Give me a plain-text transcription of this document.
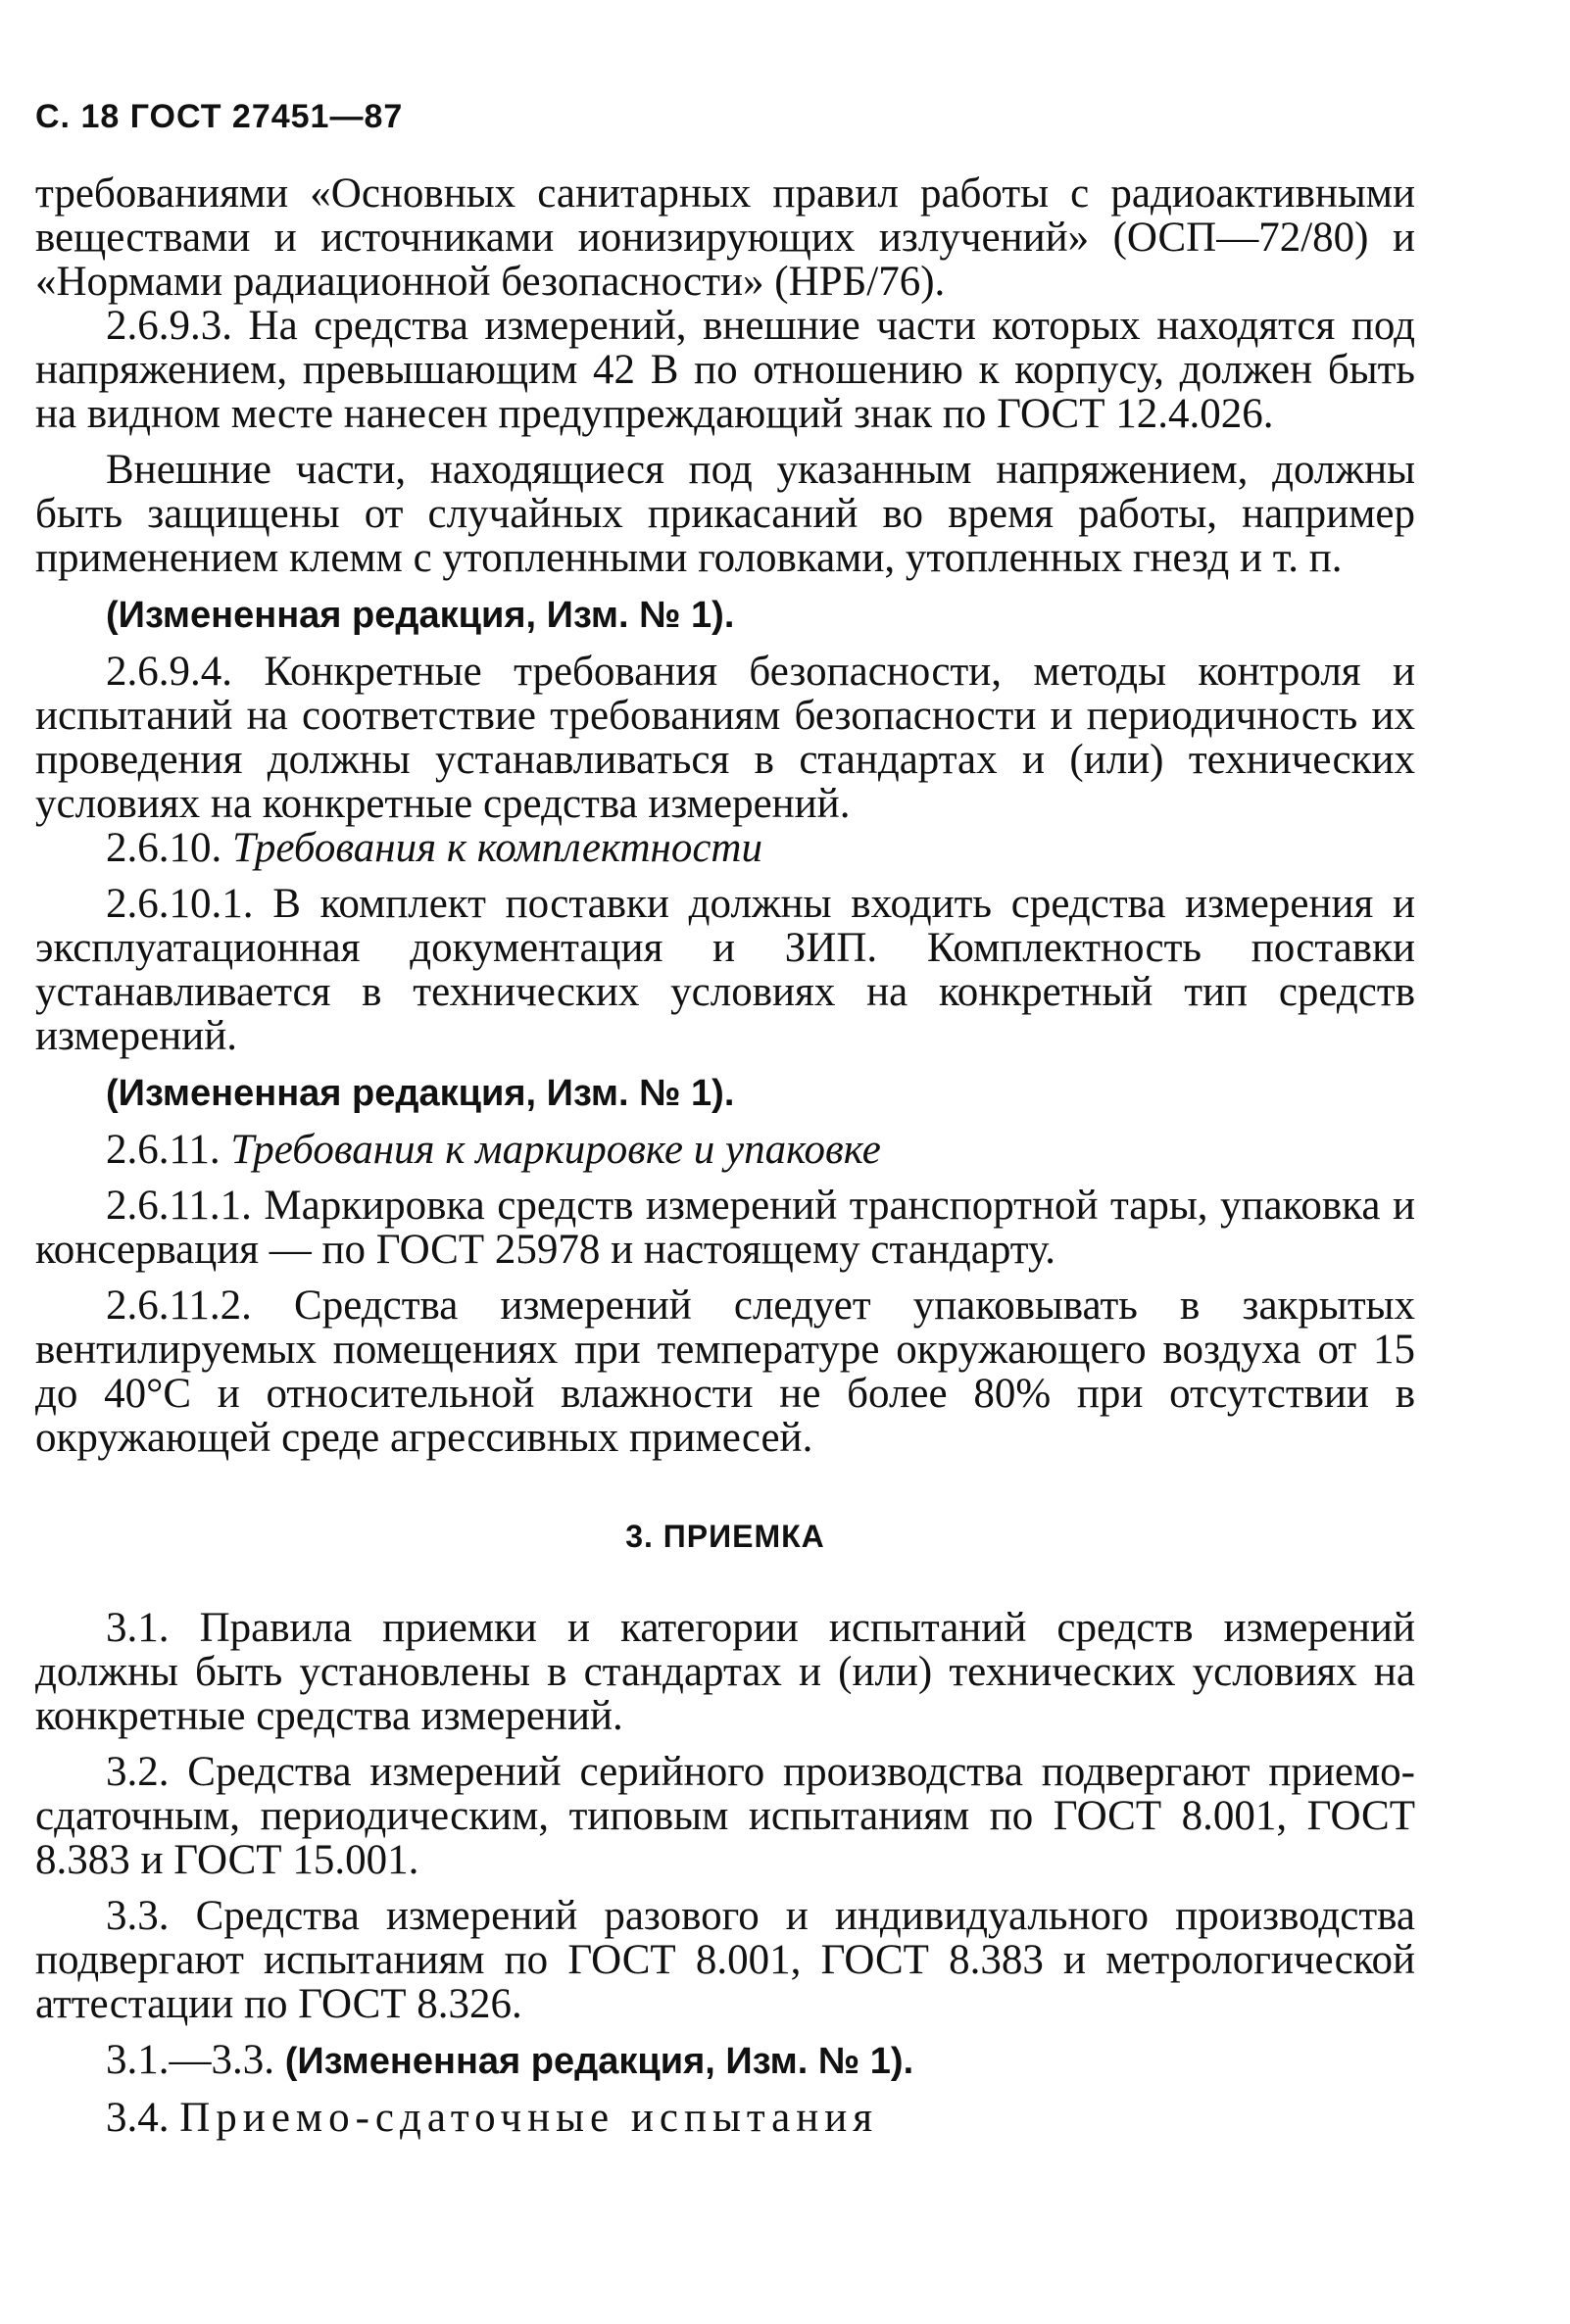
С. 18 ГОСТ 27451—87

требованиями «Основных санитарных правил работы с радиоактивными веществами и источниками ионизирующих излучений» (ОСП—72/80) и «Нормами радиационной безопасности» (НРБ/76).

2.6.9.3. На средства измерений, внешние части которых находятся под напряжением, превышающим 42 В по отношению к корпусу, должен быть на видном месте нанесен предупреждающий знак по ГОСТ 12.4.026.

Внешние части, находящиеся под указанным напряжением, должны быть защищены от случайных прикасаний во время работы, например применением клемм с утопленными головками, утопленных гнезд и т. п.

(Измененная редакция, Изм. № 1).

2.6.9.4. Конкретные требования безопасности, методы контроля и испытаний на соответствие требованиям безопасности и периодичность их проведения должны устанавливаться в стандартах и (или) технических условиях на конкретные средства измерений.

2.6.10. Требования к комплектности

2.6.10.1. В комплект поставки должны входить средства измерения и эксплуатационная документация и ЗИП. Комплектность поставки устанавливается в технических условиях на конкретный тип средств измерений.

(Измененная редакция, Изм. № 1).

2.6.11. Требования к маркировке и упаковке

2.6.11.1. Маркировка средств измерений транспортной тары, упаковка и консервация — по ГОСТ 25978 и настоящему стандарту.

2.6.11.2. Средства измерений следует упаковывать в закрытых вентилируемых помещениях при температуре окружающего воздуха от 15 до 40°С и относительной влажности не более 80% при отсутствии в окружающей среде агрессивных примесей.

3. ПРИЕМКА

3.1. Правила приемки и категории испытаний средств измерений должны быть установлены в стандартах и (или) технических условиях на конкретные средства измерений.

3.2. Средства измерений серийного производства подвергают приемо-сдаточным, периодическим, типовым испытаниям по ГОСТ 8.001, ГОСТ 8.383 и ГОСТ 15.001.

3.3. Средства измерений разового и индивидуального производства подвергают испытаниям по ГОСТ 8.001, ГОСТ 8.383 и метрологической аттестации по ГОСТ 8.326.

3.1.—3.3. (Измененная редакция, Изм. № 1).

3.4. Приемо-сдаточные испытания
